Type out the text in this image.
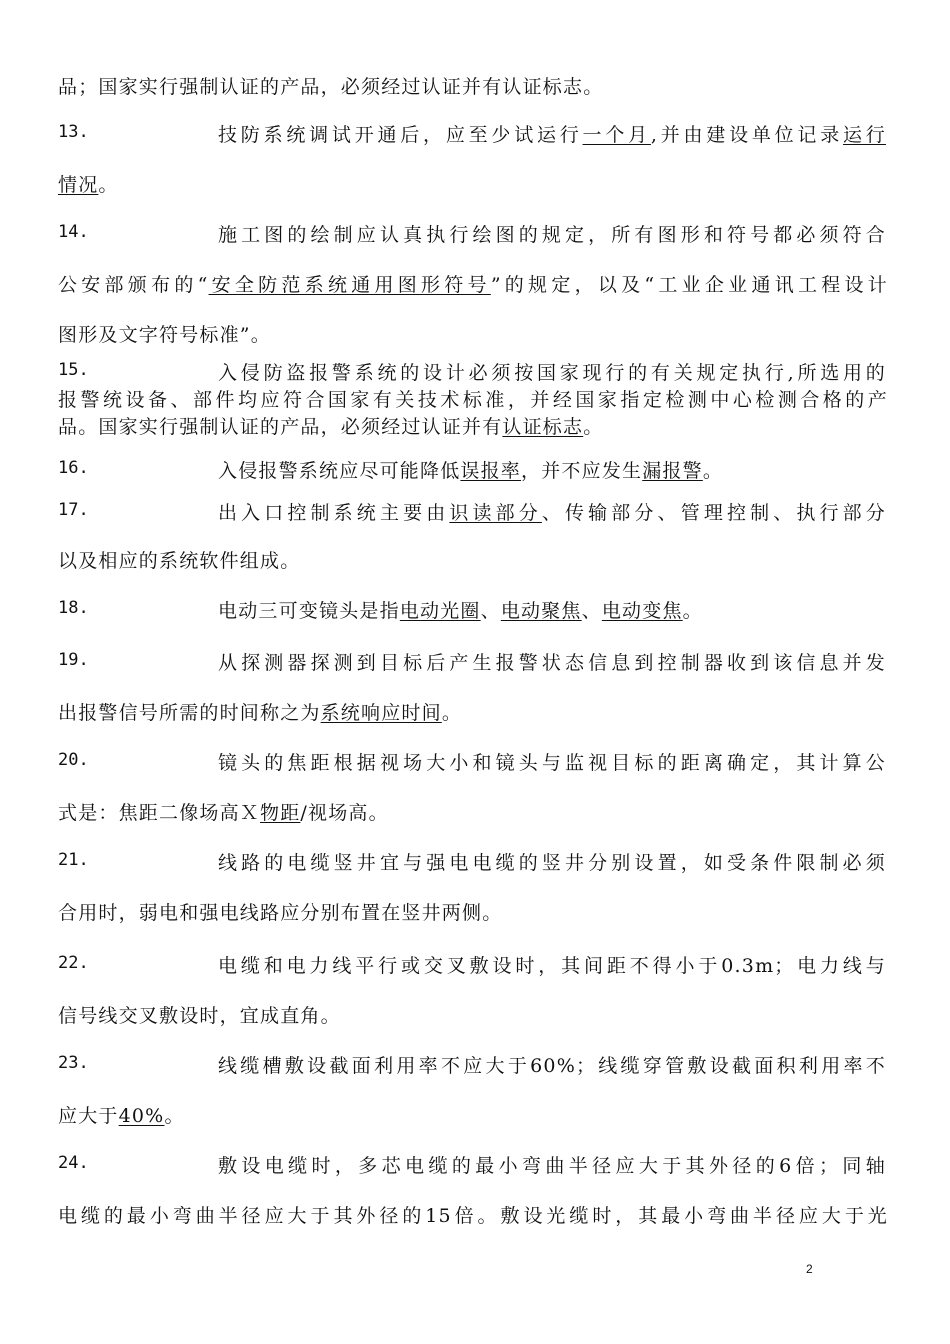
品；国家实行强制认证的产品，必须经过认证并有认证标志。
13.	技防系统调试开通后，应至少试运行一个月,并由建设单位记录运行
情况。
14.	施工图的绘制应认真执行绘图的规定，所有图形和符号都必须符合
公安部颁布的“安全防范系统通用图形符号”的规定，以及“工业企业通讯工程设计
图形及文字符号标准”。
15.	入侵防盗报警系统的设计必须按国家现行的有关规定执行,所选用的
报警统设备、部件均应符合国家有关技术标准，并经国家指定检测中心检测合格的产
品。国家实行强制认证的产品，必须经过认证并有认证标志。
16.	入侵报警系统应尽可能降低误报率，并不应发生漏报警。
17.	出入口控制系统主要由识读部分、传输部分、管理控制、执行部分
以及相应的系统软件组成。
18.	电动三可变镜头是指电动光圈、电动聚焦、电动变焦。
19.	从探测器探测到目标后产生报警状态信息到控制器收到该信息并发
出报警信号所需的时间称之为系统响应时间。
20.	镜头的焦距根据视场大小和镜头与监视目标的距离确定，其计算公
式是：焦距二像场高Ｘ物距/视场高。
21.	线路的电缆竖井宜与强电电缆的竖井分别设置，如受条件限制必须
合用时，弱电和强电线路应分别布置在竖井两侧。
22.	电缆和电力线平行或交叉敷设时，其间距不得小于0.3m；电力线与
信号线交叉敷设时，宜成直角。
23.	线缆槽敷设截面利用率不应大于60%；线缆穿管敷设截面积利用率不
应大于40%。
24.	敷设电缆时，多芯电缆的最小弯曲半径应大于其外径的6倍；同轴
电缆的最小弯曲半径应大于其外径的15倍。敷设光缆时，其最小弯曲半径应大于光
2
